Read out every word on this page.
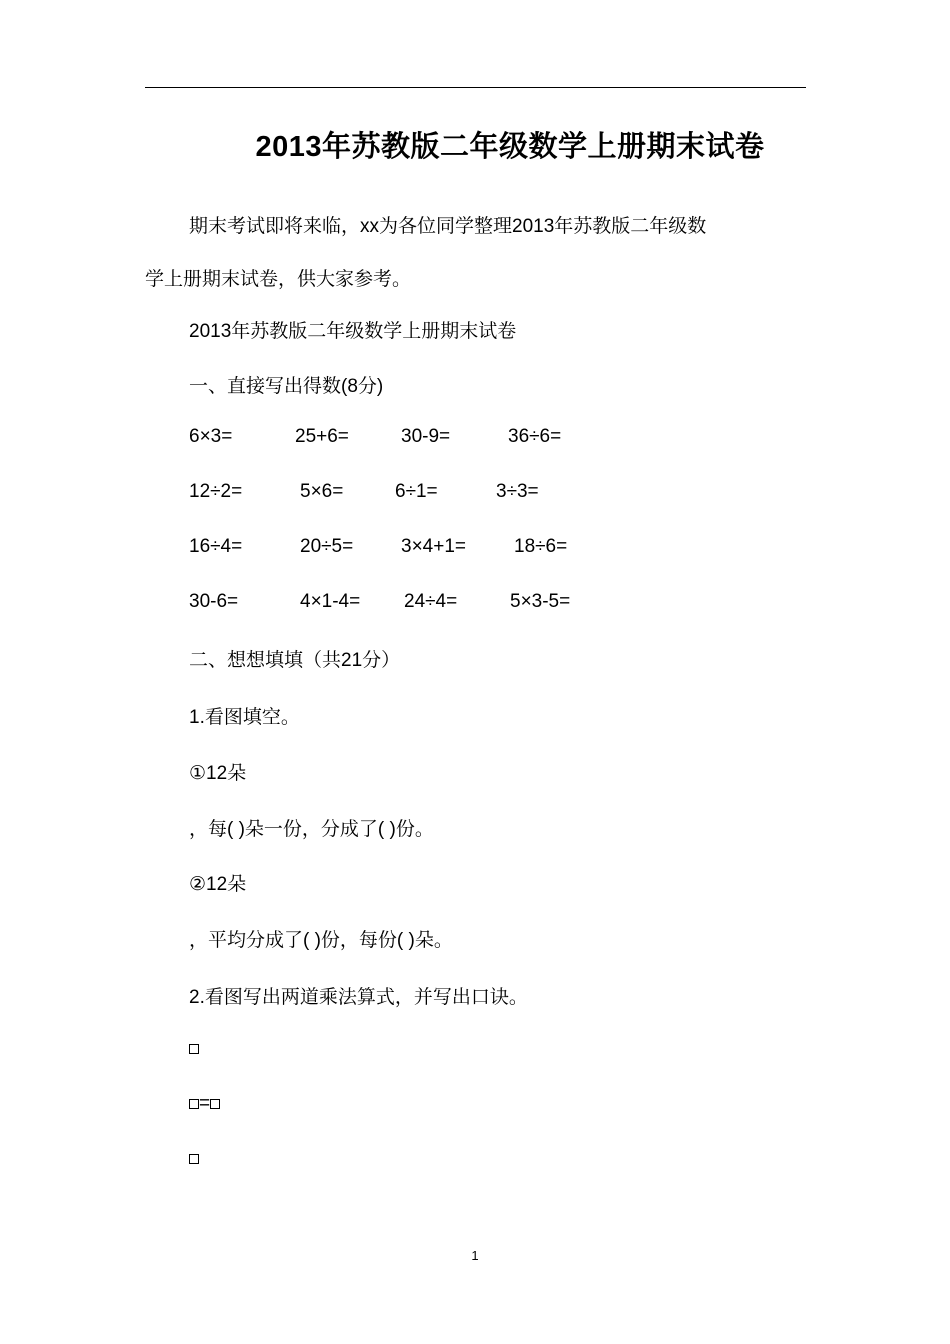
2013年苏教版二年级数学上册期末试卷
期末考试即将来临，xx为各位同学整理2013年苏教版二年级数
学上册期末试卷，供大家参考。
2013年苏教版二年级数学上册期末试卷
一、直接写出得数(8分)
6×3=	25+6=	30-9=	36÷6=
12÷2=	5×6=	6÷1=	3÷3=
16÷4=	20÷5=	3×4+1=	18÷6=
30-6=	4×1-4= 24÷4=	5×3-5=
二、想想填填（共21分）
1.看图填空。
①12朵
，每( )朵一份，分成了( )份。
②12朵
，平均分成了( )份，每份( )朵。
2.看图写出两道乘法算式，并写出口诀。
=
1
